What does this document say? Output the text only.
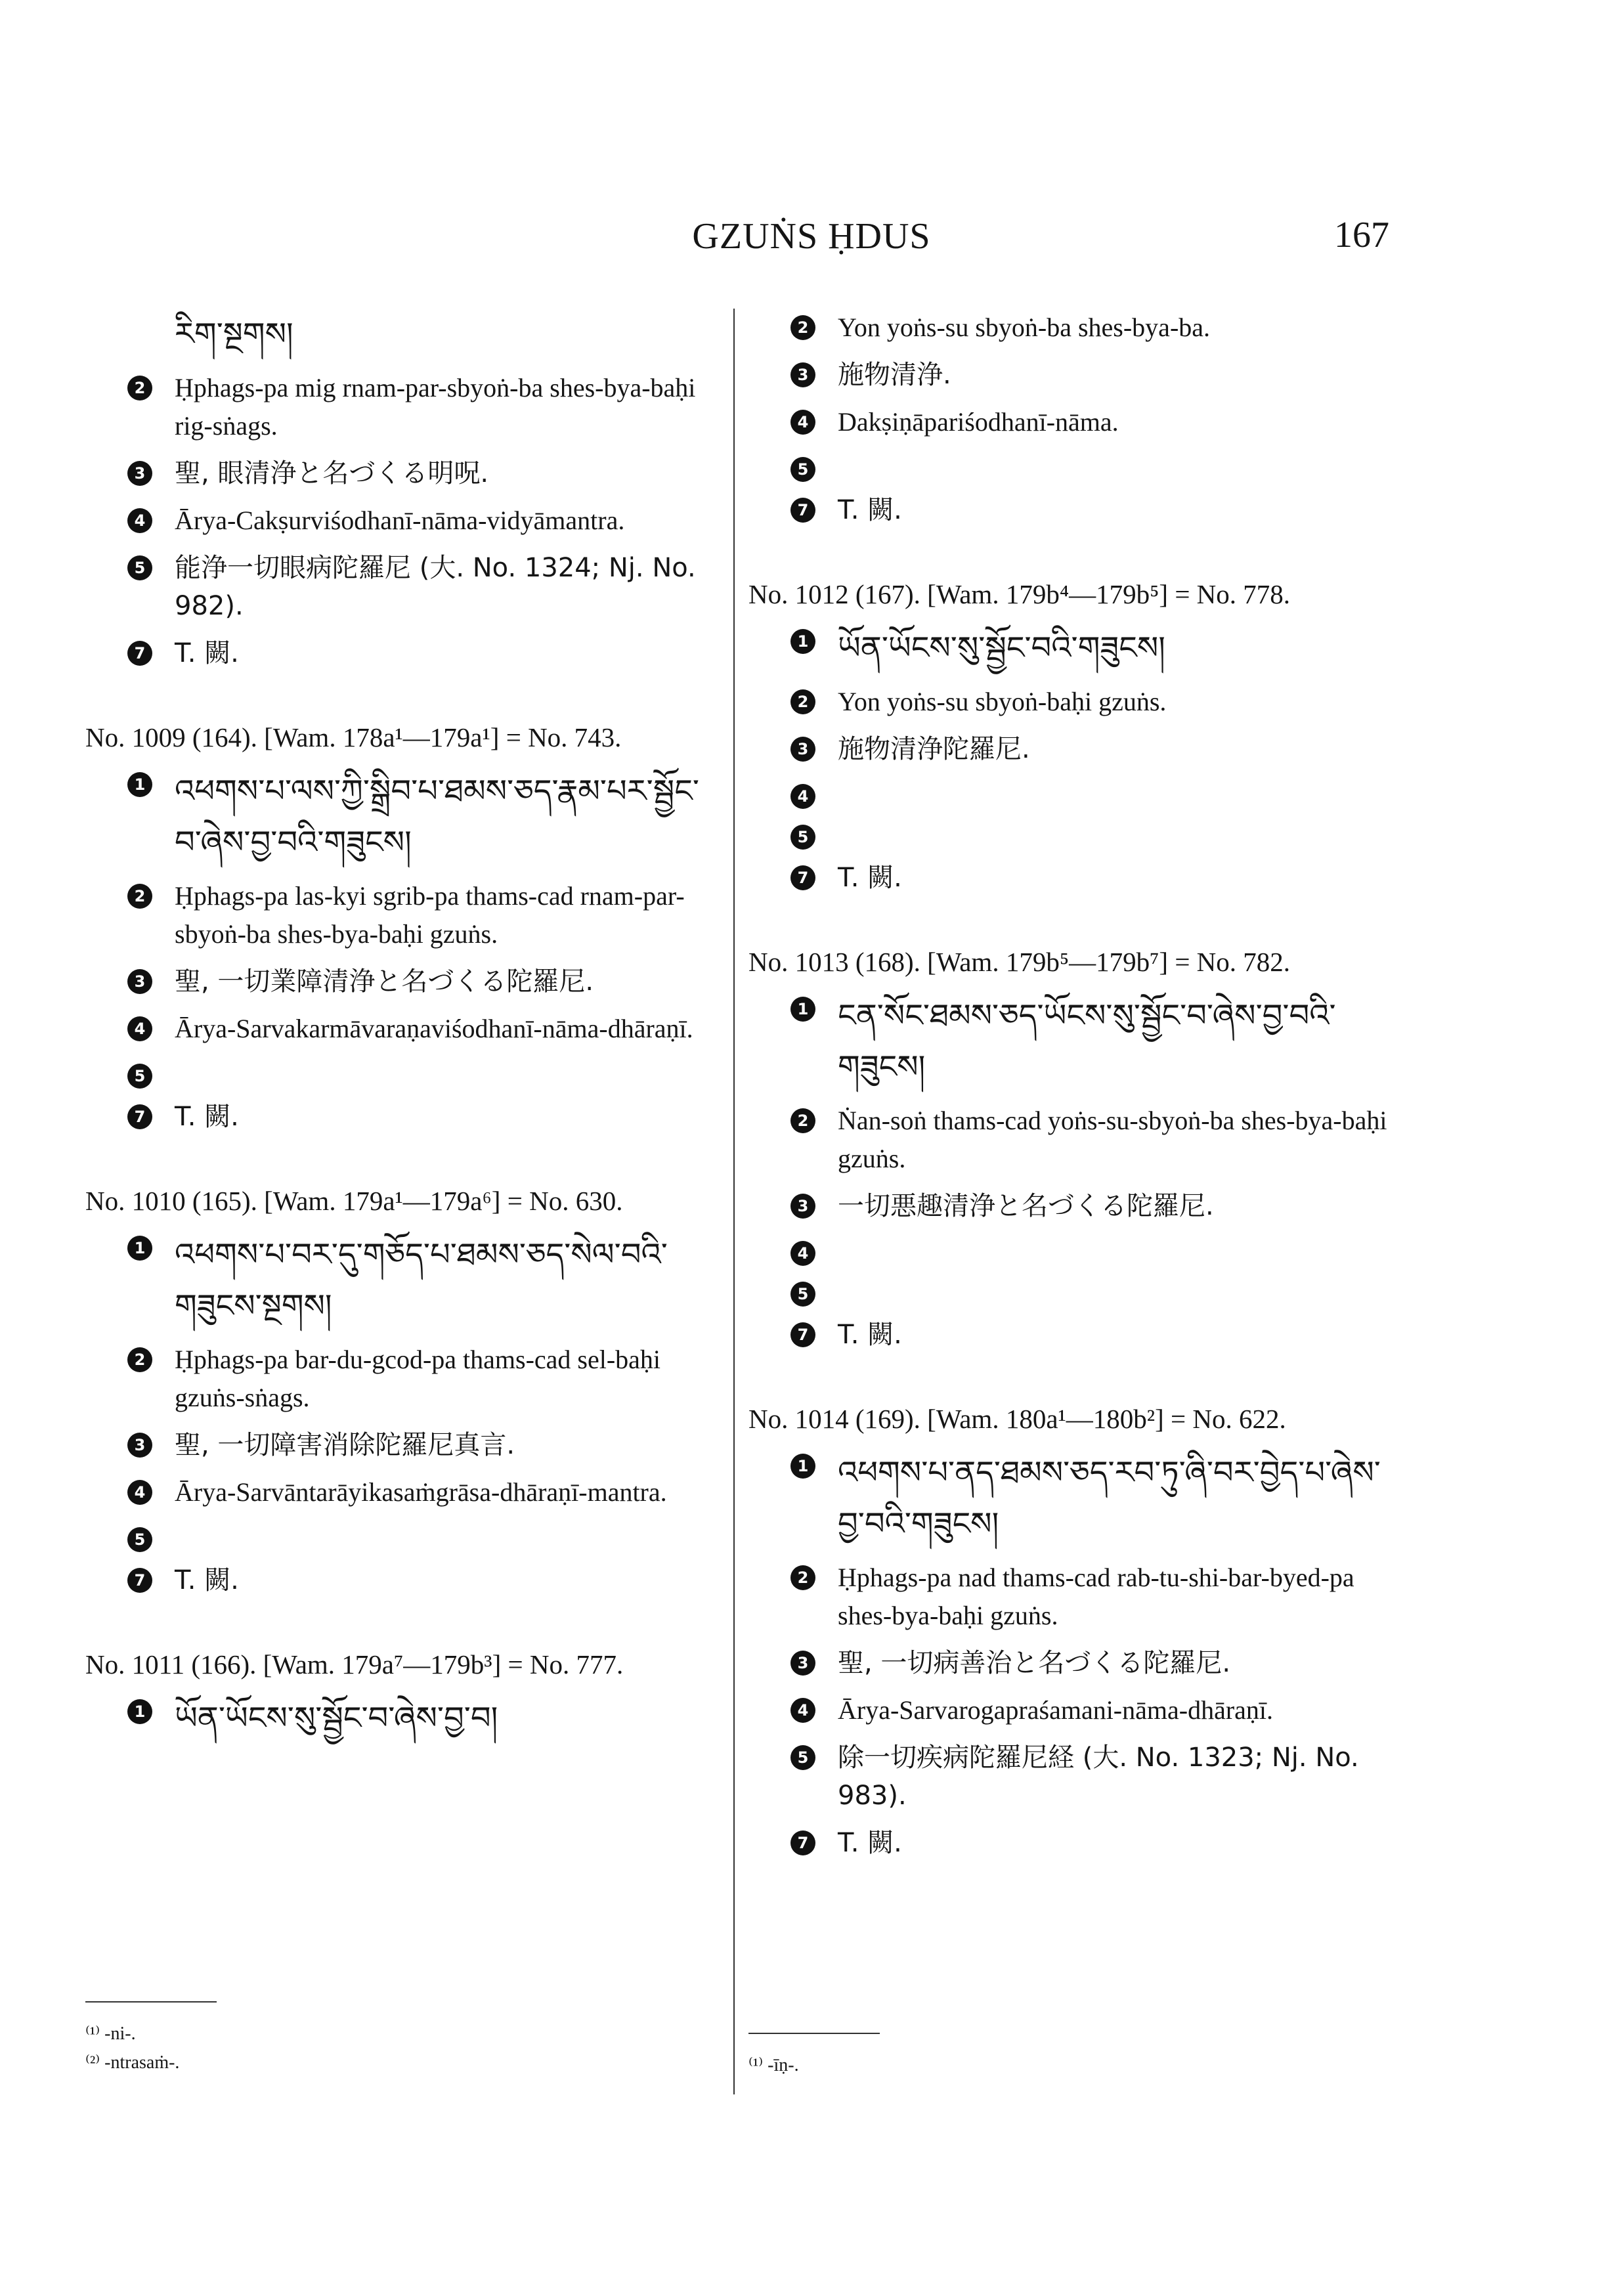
GZUṄS ḤDUS	167
རིག་སྔགས།
2 Ḥphags-pa mig rnam-par-sbyoṅ-ba shes-bya-baḥi rig-sṅags.
3 聖, 眼清浄と名づくる明呪.
4 Ārya-Cakṣurviśodhanī-nāma-vidyāmantra.
5 能浄一切眼病陀羅尼 (大. No. 1324; Nj. No. 982).
7 T. 闕.

No. 1009 (164). [Wam. 178a¹—179a¹] = No. 743.

1 འཕགས་པ་ལས་ཀྱི་སྒྲིབ་པ་ཐམས་ཅད་རྣམ་པར་སྦྱོང་བ་ཞེས་བྱ་བའི་གཟུངས།
2 Ḥphags-pa las-kyi sgrib-pa thams-cad rnam-par-sbyoṅ-ba shes-bya-baḥi gzuṅs.
3 聖, 一切業障清浄と名づくる陀羅尼.
4 Ārya-Sarvakarmāvaraṇaviśodhanī-nāma-dhāraṇī.
5
7 T. 闕.

No. 1010 (165). [Wam. 179a¹—179a⁶] = No. 630.

1 འཕགས་པ་བར་དུ་གཅོད་པ་ཐམས་ཅད་སེལ་བའི་གཟུངས་སྔགས།
2 Ḥphags-pa bar-du-gcod-pa thams-cad sel-baḥi gzuṅs-sṅags.
3 聖, 一切障害消除陀羅尼真言.
4 Ārya-Sarvāntarāyikasaṁgrāsa-dhāraṇī-mantra.
5
7 T. 闕.

No. 1011 (166). [Wam. 179a⁷—179b³] = No. 777.

1 ཡོན་ཡོངས་སུ་སྦྱོང་བ་ཞེས་བྱ་བ།
⁽¹⁾ -ni-.
⁽²⁾ -ntrasaṁ-.
2 Yon yoṅs-su sbyoṅ-ba shes-bya-ba.
3 施物清浄.
4 Dakṣiṇāpariśodhanī-nāma.
5
7 T. 闕.

No. 1012 (167). [Wam. 179b⁴—179b⁵] = No. 778.

1 ཡོན་ཡོངས་སུ་སྦྱོང་བའི་གཟུངས།
2 Yon yoṅs-su sbyoṅ-baḥi gzuṅs.
3 施物清浄陀羅尼.
4
5
7 T. 闕.

No. 1013 (168). [Wam. 179b⁵—179b⁷] = No. 782.

1 ངན་སོང་ཐམས་ཅད་ཡོངས་སུ་སྦྱོང་བ་ཞེས་བྱ་བའི་གཟུངས།
2 Ṅan-soṅ thams-cad yoṅs-su-sbyoṅ-ba shes-bya-baḥi gzuṅs.
3 一切悪趣清浄と名づくる陀羅尼.
4
5
7 T. 闕.

No. 1014 (169). [Wam. 180a¹—180b²] = No. 622.

1 འཕགས་པ་ནད་ཐམས་ཅད་རབ་ཏུ་ཞི་བར་བྱེད་པ་ཞེས་བྱ་བའི་གཟུངས།
2 Ḥphags-pa nad thams-cad rab-tu-shi-bar-byed-pa shes-bya-baḥi gzuṅs.
3 聖, 一切病善治と名づくる陀羅尼.
4 Ārya-Sarvarogapraśamani-nāma-dhāraṇī.
5 除一切疾病陀羅尼経 (大. No. 1323; Nj. No. 983).
7 T. 闕.
⁽¹⁾ -īṇ-.
